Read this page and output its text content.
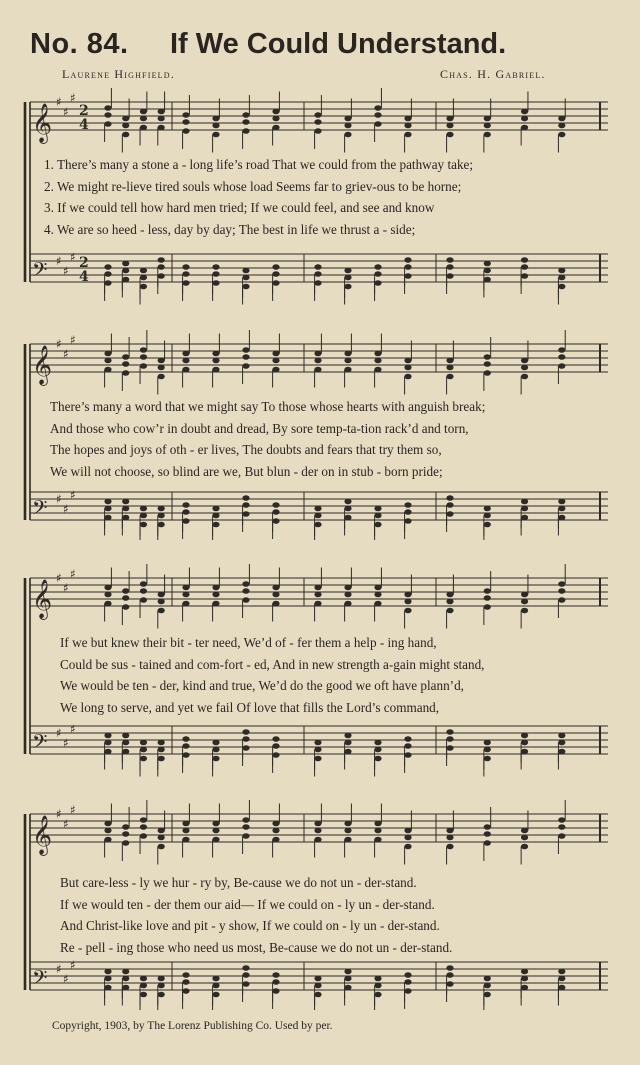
No. 84. If We Could Understand.
Laurene Highfield.	Chas. H. Gabriel.
𝄞
♯
♯
♯
2
4
𝄢 ♯
♯
♯ 2
4
1. There’s many a stone a - long life’s road That we could from the pathway take;
2. We might re-lieve tired souls whose load Seems far to griev-ous to be horne;
3. If we could tell how hard men tried; If we could feel, and see and know
4. We are so heed - less, day by day; The best in life we thrust a - side;
𝄞
♯
♯
♯
𝄢 ♯
♯
♯
There’s many a word that we might say To those whose hearts with anguish break;
And those who cow’r in doubt and dread, By sore temp-ta-tion rack’d and torn,
The hopes and joys of oth - er lives, The doubts and fears that try them so,
We will not choose, so blind are we, But blun - der on in stub - born pride;
𝄞
♯
♯
♯
𝄢 ♯
♯
♯
If we but knew their bit - ter need, We’d of - fer them a help - ing hand,
Could be sus - tained and com-fort - ed, And in new strength a-gain might stand,
We would be ten - der, kind and true, We’d do the good we oft have plann’d,
We long to serve, and yet we fail Of love that fills the Lord’s command,
𝄞
♯
♯
♯
𝄢 ♯
♯
♯
But care-less - ly we hur - ry by, Be-cause we do not un - der-stand.
If we would ten - der them our aid— If we could on - ly un - der-stand.
And Christ-like love and pit - y show, If we could on - ly un - der-stand.
Re - pell - ing those who need us most, Be-cause we do not un - der-stand.
Copyright, 1903, by The Lorenz Publishing Co. Used by per.
